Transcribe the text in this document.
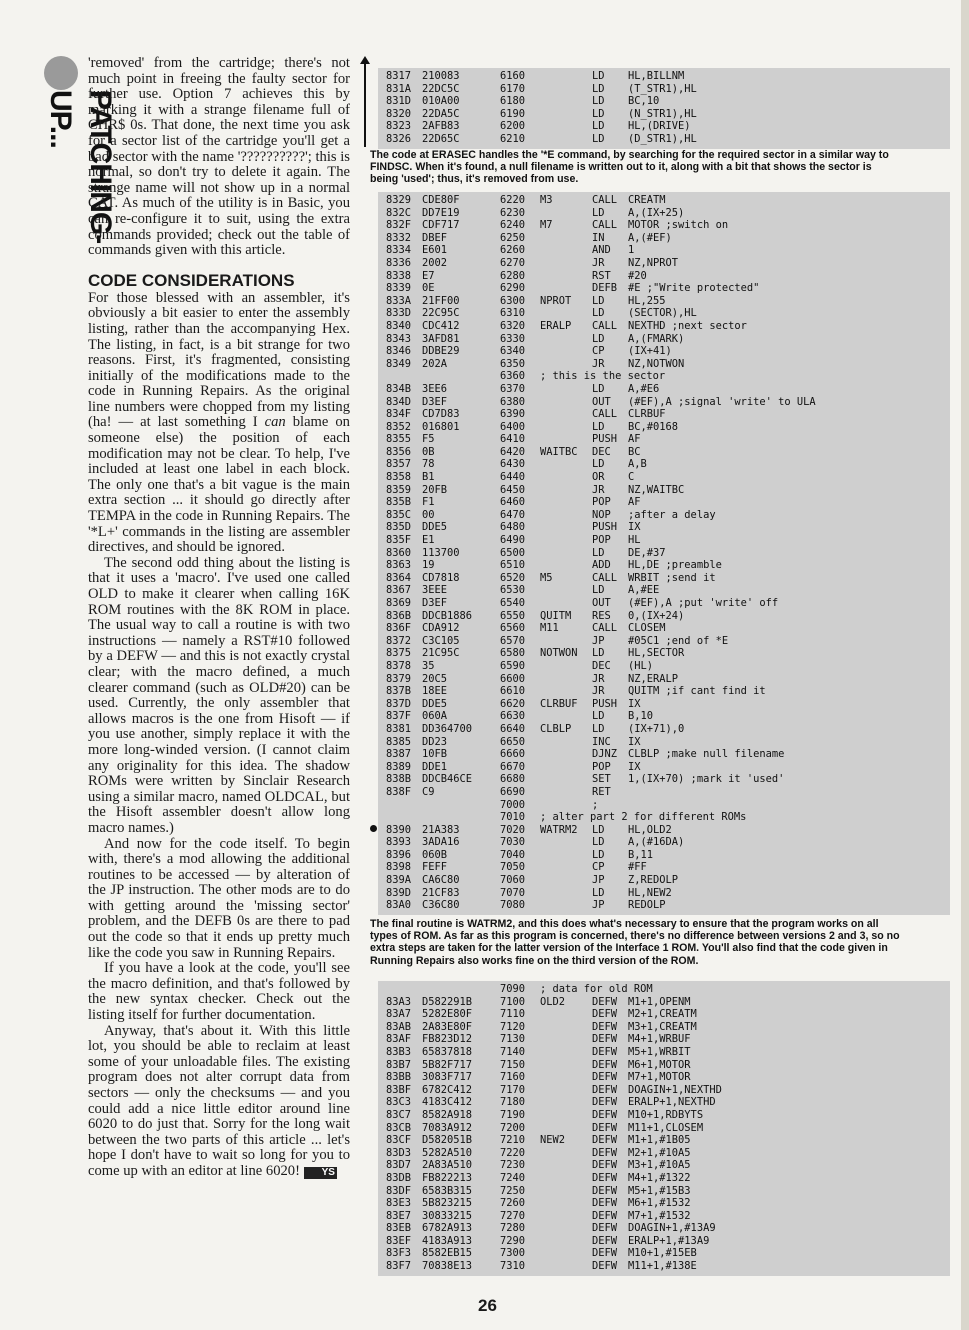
PATCHING-UP...

'removed' from the cartridge; there's not much point in freeing the faulty sector for further use. Option 7 achieves this by marking it with a strange filename full of CHR$ 0s. That done, the next time you ask for a sector list of the cartridge you'll get a bad sector with the name '??????????'; this is normal, so don't try to delete it again. The strange name will not show up in a normal CAT. As much of the utility is in Basic, you can re-configure it to suit, using the extra commands provided; check out the table of commands given with this article.

CODE CONSIDERATIONS

For those blessed with an assembler, it's obviously a bit easier to enter the assembly listing, rather than the accompanying Hex. The listing, in fact, is a bit strange for two reasons. First, it's fragmented, consisting initially of the modifications made to the code in Running Repairs. As the original line numbers were chopped from my listing (ha! — at last something I can blame on someone else) the position of each modification may not be clear. To help, I've included at least one label in each block. The only one that's a bit vague is the main extra section ... it should go directly after TEMPA in the code in Running Repairs. The '*L+' commands in the listing are assembler directives, and should be ignored.

The second odd thing about the listing is that it uses a 'macro'. I've used one called OLD to make it clearer when calling 16K ROM routines with the 8K ROM in place. The usual way to call a routine is with two instructions — namely a RST#10 followed by a DEFW — and this is not exactly crystal clear; with the macro defined, a much clearer command (such as OLD#20) can be used. Currently, the only assembler that allows macros is the one from Hisoft — if you use another, simply replace it with the more long-winded version. (I cannot claim any originality for this idea. The shadow ROMs were written by Sinclair Research using a similar macro, named OLDCAL, but the Hisoft assembler doesn't allow long macro names.)

And now for the code itself. To begin with, there's a mod allowing the additional routines to be accessed — by alteration of the JP instruction. The other mods are to do with getting around the 'missing sector' problem, and the DEFB 0s are there to pad out the code so that it ends up pretty much like the code you saw in Running Repairs.

If you have a look at the code, you'll see the macro definition, and that's followed by the new syntax checker. Check out the listing itself for further documentation.

Anyway, that's about it. With this little lot, you should be able to reclaim at least some of your unloadable files. The existing program does not alter corrupt data from sectors — only the checksums — and you could add a nice little editor around line 6020 to do just that. Sorry for the long wait between the two parts of this article ... let's hope I don't have to wait so long for you to come up with an editor at line 6020! YS

8317 210083	6160	LD HL,BILLNM
831A 22DC5C	6170	LD (T_STR1),HL
831D 010A00	6180	LD BC,10
8320 22DA5C	6190	LD (N_STR1),HL
8323 2AFB83	6200	LD HL,(DRIVE)
8326 22D65C	6210	LD (D_STR1),HL
The code at ERASEC handles the '*E command, by searching for the required sector in a similar way to FINDSC. When it's found, a null filename is written out to it, along with a bit that shows the sector is being 'used'; thus, it's removed from use.
8329 CDE80F	6220 M3	CALL CREATM
832C DD7E19	6230	LD A,(IX+25)
832F CDF717	6240 M7	CALL MOTOR ;switch on
8332 DBEF	6250	IN A,(#EF)
8334 E601	6260	AND 1
8336 2002	6270	JR NZ,NPROT
8338 E7	6280	RST #20
8339 0E	6290	DEFB #E ;"Write protected"
833A 21FF00	6300 NPROT LD HL,255
833D 22C95C	6310	LD (SECTOR),HL
8340 CDC412	6320 ERALP CALL NEXTHD ;next sector
8343 3AFD81	6330	LD A,(FMARK)
8346 DDBE29	6340	CP (IX+41)
8349 202A	6350	JR NZ,NOTWON
6360 ; this is the sector
834B 3EE6	6370	LD A,#E6
834D D3EF	6380	OUT (#EF),A ;signal 'write' to ULA
834F CD7D83	6390	CALL CLRBUF
8352 016801	6400	LD BC,#0168
8355 F5	6410	PUSH AF
8356 0B	6420 WAITBC DEC BC
8357 78	6430	LD A,B
8358 B1	6440	OR C
8359 20FB	6450	JR NZ,WAITBC
835B F1	6460	POP AF
835C 00	6470	NOP ;after a delay
835D DDE5	6480	PUSH IX
835F E1	6490	POP HL
8360 113700	6500	LD DE,#37
8363 19	6510	ADD HL,DE ;preamble
8364 CD7818	6520 M5	CALL WRBIT ;send it
8367 3EEE	6530	LD A,#EE
8369 D3EF	6540	OUT (#EF),A ;put 'write' off
836B DDCB1886	6550 QUITM RES 0,(IX+24)
836F CDA912	6560 M11	CALL CLOSEM
8372 C3C105	6570	JP #05C1 ;end of *E
8375 21C95C	6580 NOTWON LD HL,SECTOR
8378 35	6590	DEC (HL)
8379 20C5	6600	JR NZ,ERALP
837B 18EE	6610	JR QUITM ;if cant find it
837D DDE5	6620 CLRBUF PUSH IX
837F 060A	6630	LD B,10
8381 DD364700	6640 CLBLP LD (IX+71),0
8385 DD23	6650	INC IX
8387 10FB	6660	DJNZ CLBLP ;make null filename
8389 DDE1	6670	POP IX
838B DDCB46CE	6680	SET 1,(IX+70) ;mark it 'used'
838F C9	6690	RET
7000	;
7010 ; alter part 2 for different ROMs
8390 21A383	7020 WATRM2 LD HL,OLD2
8393 3ADA16	7030	LD A,(#16DA)
8396 060B	7040	LD B,11
8398 FEFF	7050	CP #FF
839A CA6C80	7060	JP Z,REDOLP
839D 21CF83	7070	LD HL,NEW2
83A0 C36C80	7080	JP REDOLP
The final routine is WATRM2, and this does what's necessary to ensure that the program works on all types of ROM. As far as this program is concerned, there's no difference between versions 2 and 3, so no extra steps are taken for the latter version of the Interface 1 ROM. You'll also find that the code given in Running Repairs also works fine on the third version of the ROM.
7090 ; data for old ROM
83A3 D582291B	7100 OLD2	DEFW M1+1,OPENM
83A7 5282E80F	7110	DEFW M2+1,CREATM
83AB 2A83E80F	7120	DEFW M3+1,CREATM
83AF FB823D12	7130	DEFW M4+1,WRBUF
83B3 65837818	7140	DEFW M5+1,WRBIT
83B7 5B82F717	7150	DEFW M6+1,MOTOR
83BB 3083F717	7160	DEFW M7+1,MOTOR
83BF 6782C412	7170	DEFW DOAGIN+1,NEXTHD
83C3 4183C412	7180	DEFW ERALP+1,NEXTHD
83C7 8582A918	7190	DEFW M10+1,RDBYTS
83CB 7083A912	7200	DEFW M11+1,CLOSEM
83CF D582051B	7210 NEW2	DEFW M1+1,#1B05
83D3 5282A510	7220	DEFW M2+1,#10A5
83D7 2A83A510	7230	DEFW M3+1,#10A5
83DB FB822213	7240	DEFW M4+1,#1322
83DF 6583B315	7250	DEFW M5+1,#15B3
83E3 5B823215	7260	DEFW M6+1,#1532
83E7 30833215	7270	DEFW M7+1,#1532
83EB 6782A913	7280	DEFW DOAGIN+1,#13A9
83EF 4183A913	7290	DEFW ERALP+1,#13A9
83F3 8582EB15	7300	DEFW M10+1,#15EB
83F7 70838E13	7310	DEFW M11+1,#138E
26
